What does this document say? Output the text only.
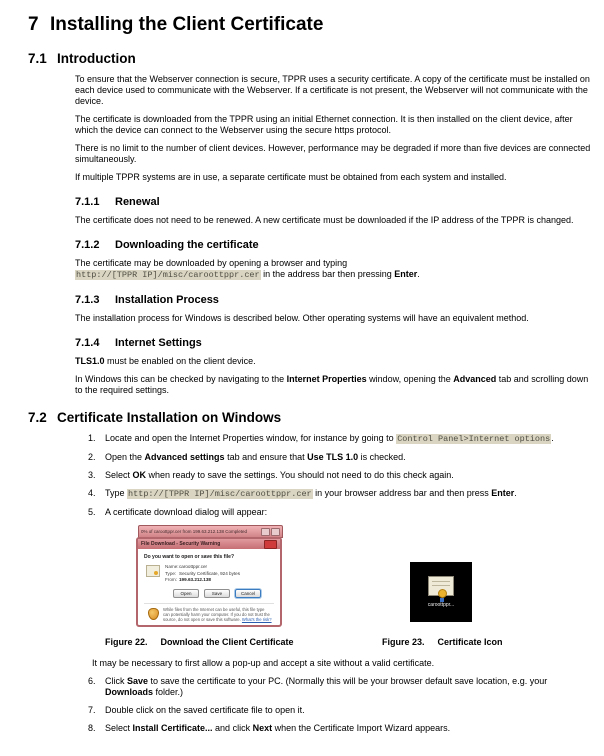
7 Installing the Client Certificate
7.1 Introduction
To ensure that the Webserver connection is secure, TPPR uses a security certificate. A copy of the certificate must be installed on each device used to communicate with the Webserver. If a certificate is not present, the Webserver will not communicate with the device.
The certificate is downloaded from the TPPR using an initial Ethernet connection. It is then installed on the client device, after which the device can connect to the Webserver using the secure https protocol.
There is no limit to the number of client devices. However, performance may be degraded if more than five devices are connected simultaneously.
If multiple TPPR systems are in use, a separate certificate must be obtained from each system and installed.
7.1.1	Renewal
The certificate does not need to be renewed. A new certificate must be downloaded if the IP address of the TPPR is changed.
7.1.2	Downloading the certificate
The certificate may be downloaded by opening a browser and typing
http://[TPPR IP]/misc/caroottppr.cer in the address bar then pressing Enter.
7.1.3	Installation Process
The installation process for Windows is described below. Other operating systems will have an equivalent method.
7.1.4	Internet Settings
TLS1.0 must be enabled on the client device.
In Windows this can be checked by navigating to the Internet Properties window, opening the Advanced tab and scrolling down to the required settings.
7.2 Certificate Installation on Windows
1.	Locate and open the Internet Properties window, for instance by going to Control Panel>Internet options.
2.	Open the Advanced settings tab and ensure that Use TLS 1.0 is checked.
3.	Select OK when ready to save the settings. You should not need to do this check again.
4.	Type http://[TPPR IP]/misc/caroottppr.cer in your browser address bar and then press Enter.
5.	A certificate download dialog will appear:
0% of caroottppr.cer from 199.63.212.138 Completed
File Download - Security Warning
Do you want to open or save this file?
Name:caroottppr.cer
Type: Security Certificate, 924 bytes
From: 199.63.212.138
Open	Save	Cancel
While files from the Internet can be useful, this file type can potentially harm your computer. If you do not trust the source, do not open or save this software. What's the risk?
caroottppr...
Figure 22. Download the Client Certificate	Figure 23. Certificate Icon
It may be necessary to first allow a pop-up and accept a site without a valid certificate.
6.	Click Save to save the certificate to your PC. (Normally this will be your browser default save location, e.g. your Downloads folder.)
7.	Double click on the saved certificate file to open it.
8.	Select Install Certificate... and click Next when the Certificate Import Wizard appears.
